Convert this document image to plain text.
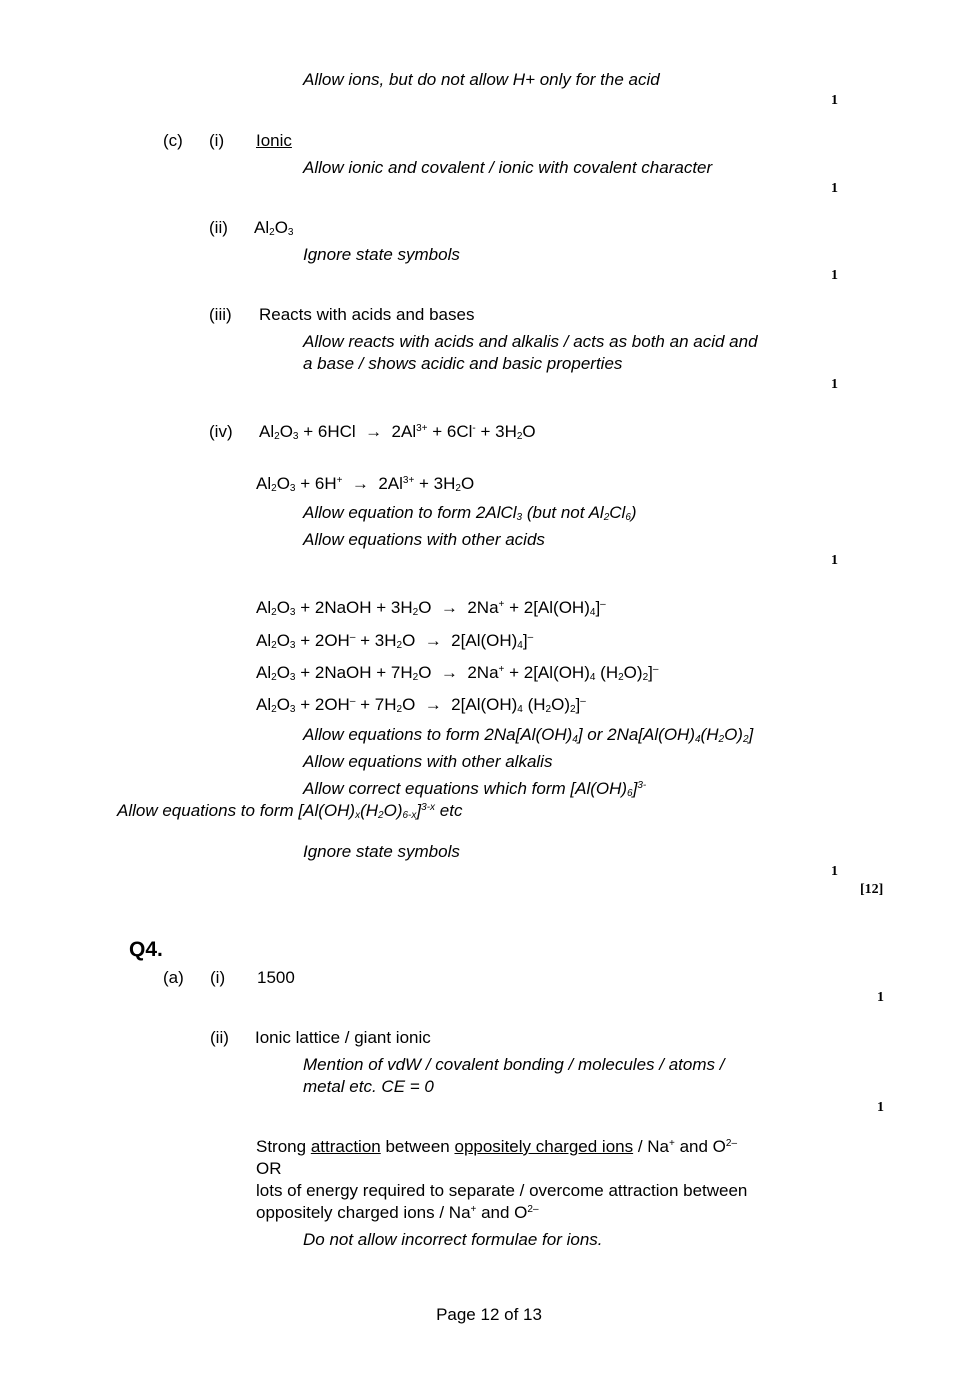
Allow ions, but do not allow H+ only for the acid
1
(c) (i) Ionic
Allow ionic and covalent / ionic with covalent character
1
(ii) $Al_2O_3$
Ignore state symbols
1
(iii) Reacts with acids and bases
Allow reacts with acids and alkalis / acts as both an acid and
a base / shows acidic and basic properties
1
(iv) $Al_2O_3 + 6HCl \to 2Al^{3+} + 6Cl^- + 3H_2O$
$Al_2O_3 + 6H^+ \to 2Al^{3+} + 3H_2O$
Allow equation to form 2AlCl$_3$ (but not $Al_2Cl_6$)
Allow equations with other acids
1
$Al_2O_3$ + 2NaOH + $3H_2O \to 2Na^+ + 2[Al(OH)_4]^-$
$Al_2O_3 + 2OH^- + 3H_2O \to 2[Al(OH)_4]^-$
$Al_2O_3$ + 2NaOH + $7H_2O \to 2Na^+ + 2[Al(OH)_4$ $(H_2O)_2]^-$
$Al_2O_3 + 2OH^- + 7H_2O \to 2[Al(OH)_4$ $(H_2O)_2]^-$
Allow equations to form $2Na[Al(OH)_4]$ or $2Na[Al(OH)_4(H_2O)_2]$
Allow equations with other alkalis
Allow correct equations which form $[Al(OH)_6]^{3-}$
Allow equations to form $[Al(OH)_x(H_2O)_{6-x}]^{3-x}$ etc
Ignore state symbols
1
[12]
Q4.
(a) (i) 1500
1
(ii) Ionic lattice / giant ionic
Mention of vdW / covalent bonding / molecules / atoms /
metal etc. CE = 0
1
Strong attraction between oppositely charged ions / Na+ and $O^{2-}$
OR
lots of energy required to separate / overcome attraction between
oppositely charged ions / Na+ and $O^{2-}$
Do not allow incorrect formulae for ions.
Page 12 of 13
